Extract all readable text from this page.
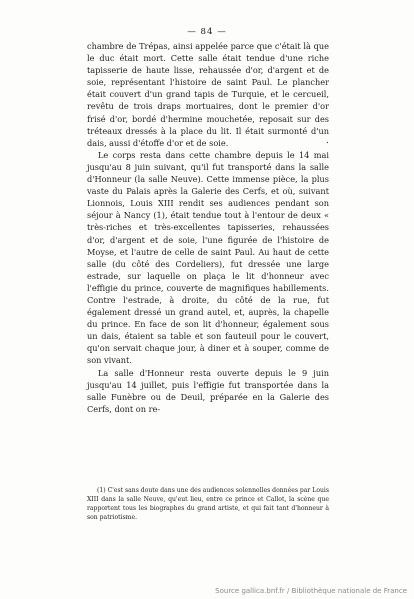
— 84 —

chambre de Trépas, ainsi appelée parce que c'était là que le duc était mort. Cette salle était tendue d'une riche tapisserie de haute lisse, rehaussée d'or, d'argent et de soie, représentant l'histoire de saint Paul. Le plancher était couvert d'un grand tapis de Turquie, et le cercueil, revêtu de trois draps mortuaires, dont le premier d'or frisé d'or, bordé d'hermine mouchetée, reposait sur des tréteaux dressés à la place du lit. Il était surmonté d'un dais, aussi d'étoffe d'or et de soie.

Le corps resta dans cette chambre depuis le 14 mai jusqu'au 8 juin suivant, qu'il fut transporté dans la salle d'Honneur (la salle Neuve). Cette immense pièce, la plus vaste du Palais après la Galerie des Cerfs, et où, suivant Lionnois, Louis XIII rendit ses audiences pendant son séjour à Nancy (1), était tendue tout à l'entour de deux « très-riches et très-excellentes tapisseries, rehaussées d'or, d'argent et de soie, l'une figurée de l'histoire de Moyse, et l'autre de celle de saint Paul. Au haut de cette salle (du côté des Cordeliers), fut dressée une large estrade, sur laquelle on plaça le lit d'honneur avec l'effigie du prince, couverte de magnifiques habillements. Contre l'estrade, à droite, du côté de la rue, fut également dressé un grand autel, et, auprès, la chapelle du prince. En face de son lit d'honneur, également sous un dais, étaient sa table et son fauteuil pour le couvert, qu'on servait chaque jour, à diner et à souper, comme de son vivant.

La salle d'Honneur resta ouverte depuis le 9 juin jusqu'au 14 juillet, puis l'effigie fut transportée dans la salle Funèbre ou de Deuil, préparée en la Galerie des Cerfs, dont on re-

.

(1) C'est sans doute dans une des audiences solennelles données par Louis XIII dans la salle Neuve, qu'eut lieu, entre ce prince et Callot, la scène que rapportent tous les biographes du grand artiste, et qui fait tant d'honneur à son patriotisme.

Source gallica.bnf.fr / Bibliothèque nationale de France
